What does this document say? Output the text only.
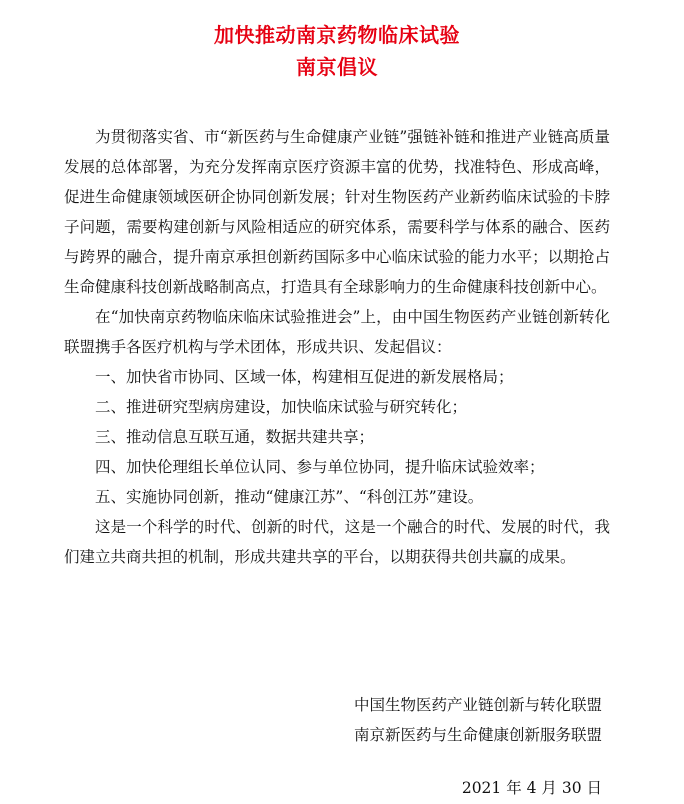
加快推动南京药物临床试验
南京倡议

为贯彻落实省、市“新医药与生命健康产业链”强链补链和推进产业链高质量发展的总体部署，为充分发挥南京医疗资源丰富的优势，找准特色、形成高峰，促进生命健康领域医研企协同创新发展；针对生物医药产业新药临床试验的卡脖子问题，需要构建创新与风险相适应的研究体系，需要科学与体系的融合、医药与跨界的融合，提升南京承担创新药国际多中心临床试验的能力水平；以期抢占生命健康科技创新战略制高点，打造具有全球影响力的生命健康科技创新中心。

在“加快南京药物临床临床试验推进会”上，由中国生物医药产业链创新转化联盟携手各医疗机构与学术团体，形成共识、发起倡议：

一、加快省市协同、区域一体，构建相互促进的新发展格局；

二、推进研究型病房建设，加快临床试验与研究转化；

三、推动信息互联互通，数据共建共享；

四、加快伦理组长单位认同、参与单位协同，提升临床试验效率；

五、实施协同创新，推动“健康江苏”、“科创江苏”建设。

这是一个科学的时代、创新的时代，这是一个融合的时代、发展的时代，我们建立共商共担的机制，形成共建共享的平台，以期获得共创共赢的成果。

中国生物医药产业链创新与转化联盟
南京新医药与生命健康创新服务联盟
2021 年 4 月 30 日
